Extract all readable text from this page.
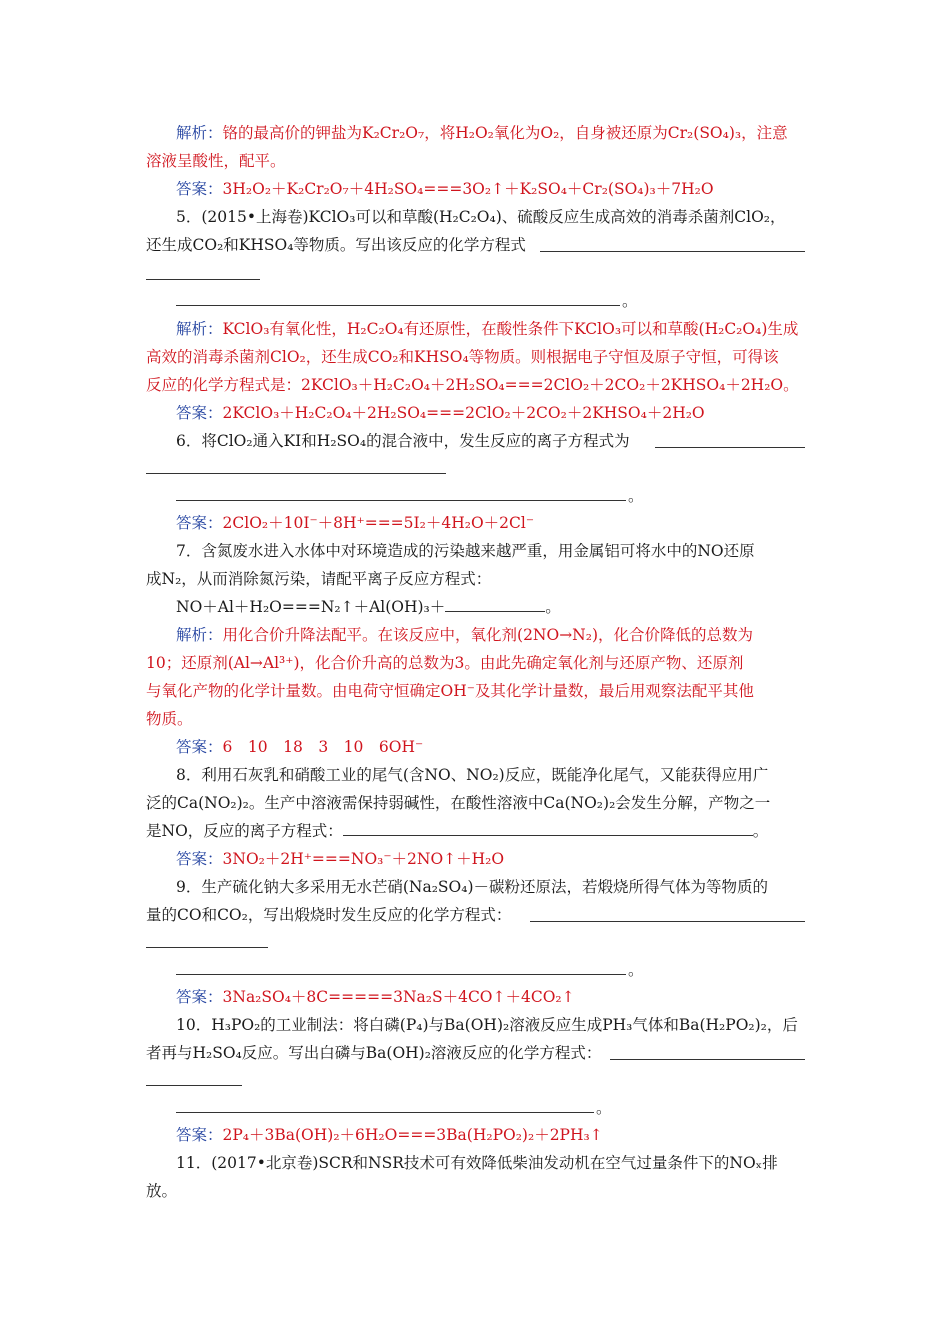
解析：铬的最高价的钾盐为K₂Cr₂O₇，将H₂O₂氧化为O₂，自身被还原为Cr₂(SO₄)₃，注意
溶液呈酸性，配平。
答案：3H₂O₂＋K₂Cr₂O₇＋4H₂SO₄===3O₂↑＋K₂SO₄＋Cr₂(SO₄)₃＋7H₂O
5．(2015•上海卷)KClO₃可以和草酸(H₂C₂O₄)、硫酸反应生成高效的消毒杀菌剂ClO₂，
还生成CO₂和KHSO₄等物质。写出该反应的化学方程式
。
解析：KClO₃有氧化性，H₂C₂O₄有还原性，在酸性条件下KClO₃可以和草酸(H₂C₂O₄)生成
高效的消毒杀菌剂ClO₂，还生成CO₂和KHSO₄等物质。则根据电子守恒及原子守恒，可得该
反应的化学方程式是：2KClO₃＋H₂C₂O₄＋2H₂SO₄===2ClO₂＋2CO₂＋2KHSO₄＋2H₂O。
答案：2KClO₃＋H₂C₂O₄＋2H₂SO₄===2ClO₂＋2CO₂＋2KHSO₄＋2H₂O
6．将ClO₂通入KI和H₂SO₄的混合液中，发生反应的离子方程式为
。
答案：2ClO₂＋10I⁻＋8H⁺===5I₂＋4H₂O＋2Cl⁻
7．含氮废水进入水体中对环境造成的污染越来越严重，用金属铝可将水中的NO还原
成N₂，从而消除氮污染，请配平离子反应方程式：
NO＋Al＋H₂O===N₂↑＋Al(OH)₃＋	。
解析：用化合价升降法配平。在该反应中，氧化剂(2NO→N₂)，化合价降低的总数为
10；还原剂(Al→Al³⁺)，化合价升高的总数为3。由此先确定氧化剂与还原产物、还原剂
与氧化产物的化学计量数。由电荷守恒确定OH⁻及其化学计量数，最后用观察法配平其他
物质。
答案：6　10　18　3　10　6OH⁻
8．利用石灰乳和硝酸工业的尾气(含NO、NO₂)反应，既能净化尾气，又能获得应用广
泛的Ca(NO₂)₂。生产中溶液需保持弱碱性，在酸性溶液中Ca(NO₂)₂会发生分解，产物之一
是NO，反应的离子方程式：	。
答案：3NO₂＋2H⁺===NO₃⁻＋2NO↑＋H₂O
9．生产硫化钠大多采用无水芒硝(Na₂SO₄)－碳粉还原法，若煅烧所得气体为等物质的
量的CO和CO₂，写出煅烧时发生反应的化学方程式：
。
答案：3Na₂SO₄＋8C=====3Na₂S＋4CO↑＋4CO₂↑
10．H₃PO₂的工业制法：将白磷(P₄)与Ba(OH)₂溶液反应生成PH₃气体和Ba(H₂PO₂)₂，后
者再与H₂SO₄反应。写出白磷与Ba(OH)₂溶液反应的化学方程式：
。
答案：2P₄＋3Ba(OH)₂＋6H₂O===3Ba(H₂PO₂)₂＋2PH₃↑
11．(2017•北京卷)SCR和NSR技术可有效降低柴油发动机在空气过量条件下的NOₓ排
放。
